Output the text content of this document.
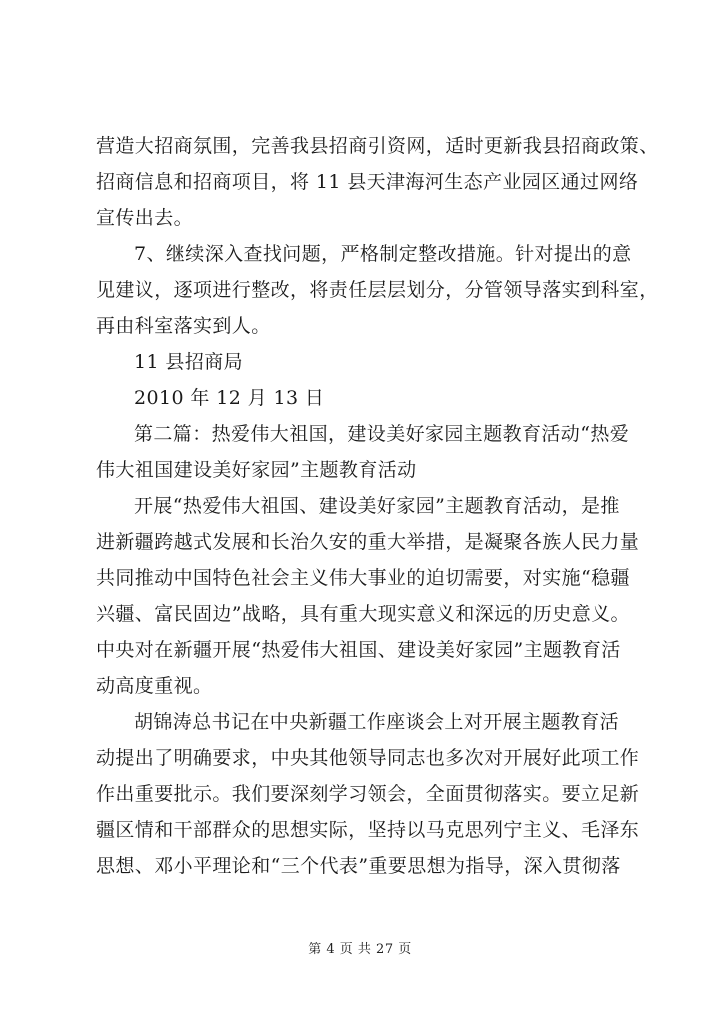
营造大招商氛围，完善我县招商引资网，适时更新我县招商政策、
招商信息和招商项目，将 11 县天津海河生态产业园区通过网络
宣传出去。
7、继续深入查找问题，严格制定整改措施。针对提出的意
见建议，逐项进行整改，将责任层层划分，分管领导落实到科室，
再由科室落实到人。
11 县招商局
2010 年 12 月 13 日
第二篇：热爱伟大祖国，建设美好家园主题教育活动“热爱
伟大祖国建设美好家园”主题教育活动
开展“热爱伟大祖国、建设美好家园”主题教育活动，是推
进新疆跨越式发展和长治久安的重大举措，是凝聚各族人民力量
共同推动中国特色社会主义伟大事业的迫切需要，对实施“稳疆
兴疆、富民固边”战略，具有重大现实意义和深远的历史意义。
中央对在新疆开展“热爱伟大祖国、建设美好家园”主题教育活
动高度重视。
胡锦涛总书记在中央新疆工作座谈会上对开展主题教育活
动提出了明确要求，中央其他领导同志也多次对开展好此项工作
作出重要批示。我们要深刻学习领会，全面贯彻落实。要立足新
疆区情和干部群众的思想实际，坚持以马克思列宁主义、毛泽东
思想、邓小平理论和“三个代表”重要思想为指导，深入贯彻落
第 4 页 共 27 页
